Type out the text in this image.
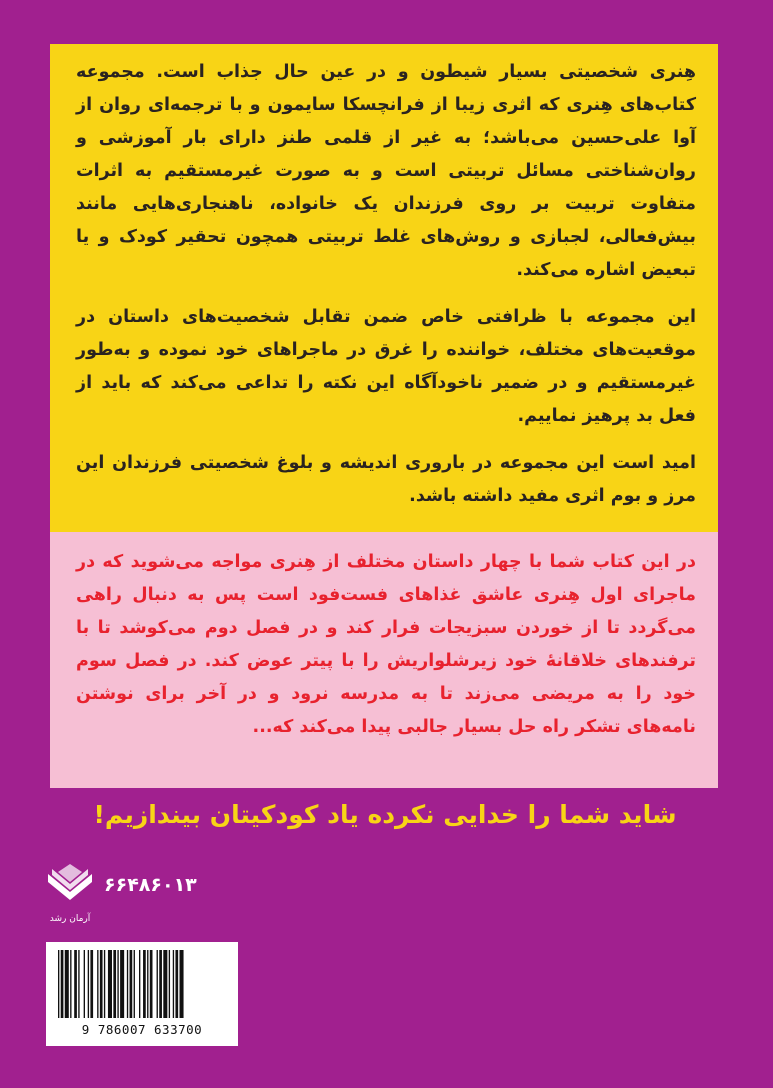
هِنری شخصیتی بسیار شیطون و در عین حال جذاب است. مجموعه کتاب‌های هِنری که اثری زیبا از فرانچسکا سایمون و با ترجمه‌ای روان از آوا علی‌حسین می‌باشد؛ به غیر از قلمی طنز دارای بار آموزشی و روان‌شناختی مسائل تربیتی است و به صورت غیرمستقیم به اثرات متفاوت تربیت بر روی فرزندان یک خانواده، ناهنجاری‌هایی مانند بیش‌فعالی، لجبازی و روش‌های غلط تربیتی همچون تحقیر کودک و یا تبعیض اشاره می‌کند.

این مجموعه با ظرافتی خاص ضمن تقابل شخصیت‌های داستان در موقعیت‌های مختلف، خواننده را غرق در ماجراهای خود نموده و به‌طور غیرمستقیم و در ضمیر ناخودآگاه این نکته را تداعی می‌کند که باید از فعل بد پرهیز نماییم.

امید است این مجموعه در باروری اندیشه و بلوغ شخصیتی فرزندان این مرز و بوم اثری مفید داشته باشد.

در این کتاب شما با چهار داستان مختلف از هِنری مواجه می‌شوید که در ماجرای اول هِنری عاشق غذاهای فست‌فود است پس به دنبال راهی می‌گردد تا از خوردن سبزیجات فرار کند و در فصل دوم می‌کوشد تا با ترفندهای خلاقانهٔ خود زیرشلواریش را با پیتر عوض کند. در فصل سوم خود را به مریضی می‌زند تا به مدرسه نرود و در آخر برای نوشتن نامه‌های تشکر راه حل بسیار جالبی پیدا می‌کند که...

شاید شما را خدایی نکرده یاد کودکیتان بیندازیم!
آرمان رشد
۶۶۴۸۶۰۱۳
9 786007 633700
